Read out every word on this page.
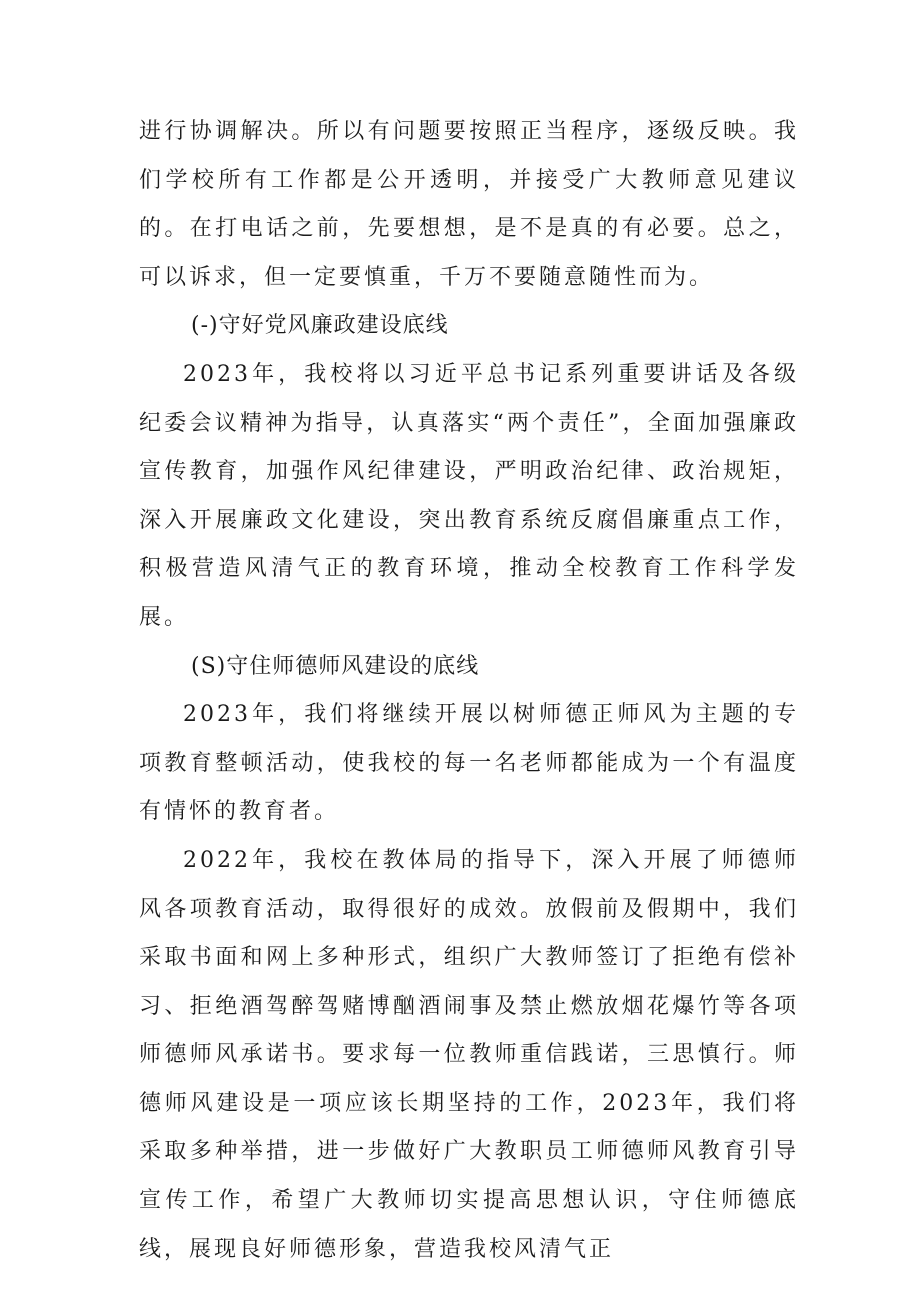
进行协调解决。所以有问题要按照正当程序，逐级反映。我们学校所有工作都是公开透明，并接受广大教师意见建议的。在打电话之前，先要想想，是不是真的有必要。总之，可以诉求，但一定要慎重，千万不要随意随性而为。

(-)守好党风廉政建设底线

2023年，我校将以习近平总书记系列重要讲话及各级纪委会议精神为指导，认真落实“两个责任”，全面加强廉政宣传教育，加强作风纪律建设，严明政治纪律、政治规矩，深入开展廉政文化建设，突出教育系统反腐倡廉重点工作，积极营造风清气正的教育环境，推动全校教育工作科学发展。

(S)守住师德师风建设的底线

2023年，我们将继续开展以树师德正师风为主题的专项教育整顿活动，使我校的每一名老师都能成为一个有温度有情怀的教育者。

2022年，我校在教体局的指导下，深入开展了师德师风各项教育活动，取得很好的成效。放假前及假期中，我们采取书面和网上多种形式，组织广大教师签订了拒绝有偿补习、拒绝酒驾醉驾赌博酗酒闹事及禁止燃放烟花爆竹等各项师德师风承诺书。要求每一位教师重信践诺，三思慎行。师德师风建设是一项应该长期坚持的工作，2023年，我们将采取多种举措，进一步做好广大教职员工师德师风教育引导宣传工作，希望广大教师切实提高思想认识，守住师德底线，展现良好师德形象，营造我校风清气正
